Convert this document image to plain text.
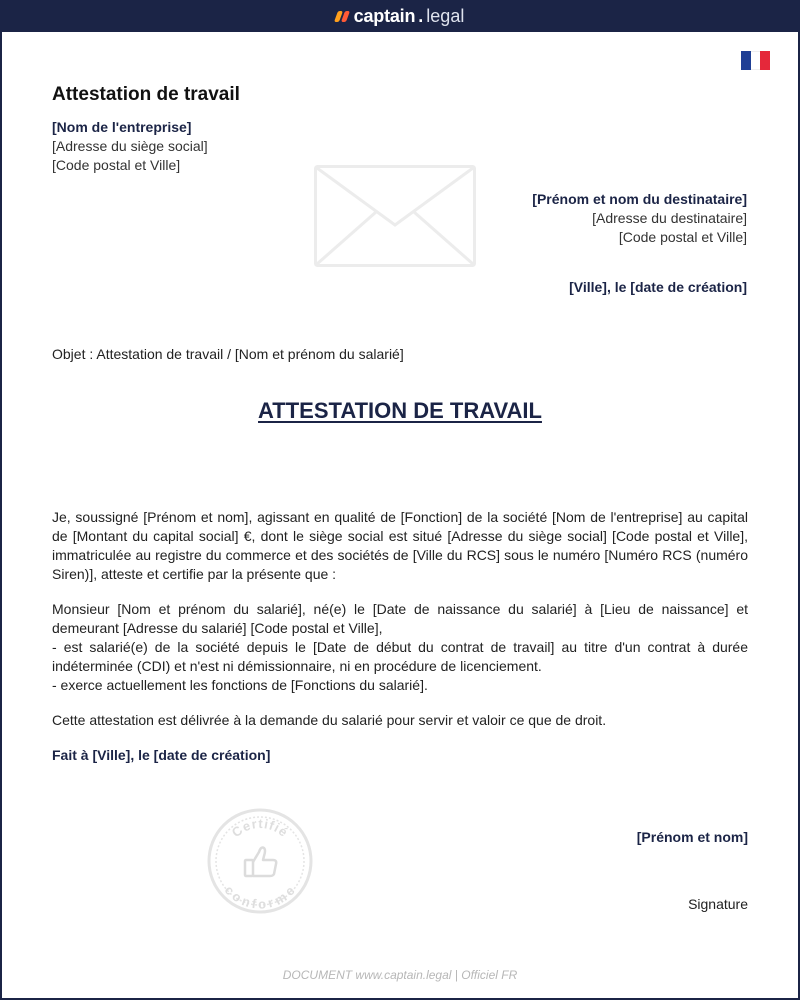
captain . legal
Attestation de travail
[Nom de l'entreprise]
[Adresse du siège social]
[Code postal et Ville]
[Prénom et nom du destinataire]
[Adresse du destinataire]
[Code postal et Ville]
[Ville], le [date de création]
Objet : Attestation de travail / [Nom et prénom du salarié]
ATTESTATION DE TRAVAIL

Je, soussigné [Prénom et nom], agissant en qualité de [Fonction] de la société [Nom de l'entreprise] au capital de [Montant du capital social] €, dont le siège social est situé [Adresse du siège social] [Code postal et Ville], immatriculée au registre du commerce et des sociétés de [Ville du RCS] sous le numéro [Numéro RCS (numéro Siren)], atteste et certifie par la présente que :

Monsieur [Nom et prénom du salarié], né(e) le [Date de naissance du salarié] à [Lieu de naissance] et demeurant [Adresse du salarié] [Code postal et Ville],

- est salarié(e) de la société depuis le [Date de début du contrat de travail] au titre d'un contrat à durée indéterminée (CDI) et n'est ni démissionnaire, ni en procédure de licenciement.

- exerce actuellement les fonctions de [Fonctions du salarié].

Cette attestation est délivrée à la demande du salarié pour servir et valoir ce que de droit.

Fait à [Ville], le [date de création]
Certifié
conforme
[Prénom et nom]
Signature
DOCUMENT www.captain.legal | Officiel FR
